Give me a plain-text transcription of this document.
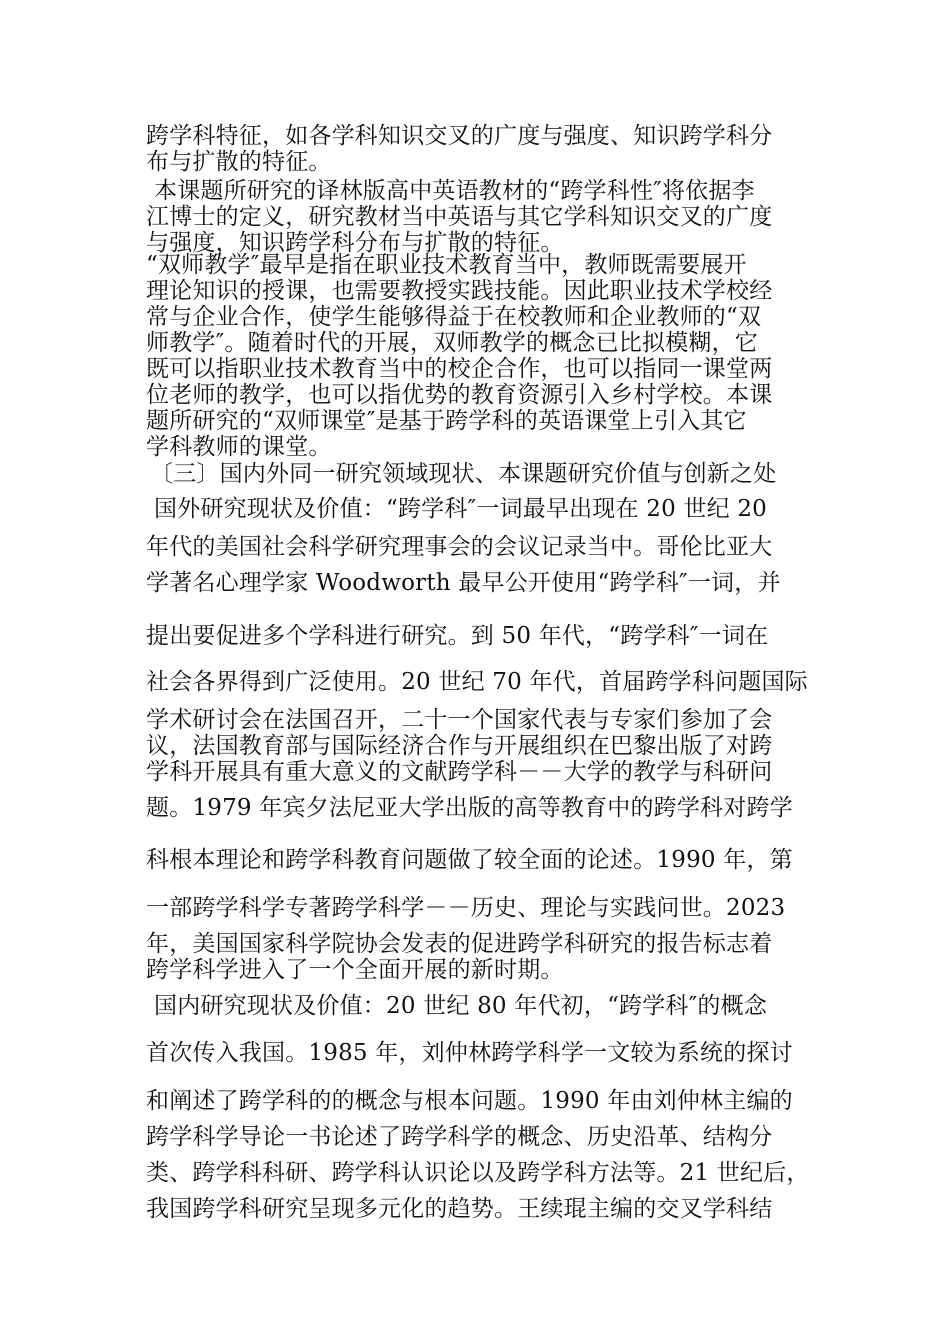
跨学科特征，如各学科知识交叉的广度与强度、知识跨学科分
布与扩散的特征。
本课题所研究的译林版高中英语教材的“跨学科性″将依据李
江博士的定义，研究教材当中英语与其它学科知识交叉的广度
与强度，知识跨学科分布与扩散的特征。
“双师教学″最早是指在职业技术教育当中，教师既需要展开
理论知识的授课，也需要教授实践技能。因此职业技术学校经
常与企业合作，使学生能够得益于在校教师和企业教师的“双
师教学″。随着时代的开展，双师教学的概念已比拟模糊，它
既可以指职业技术教育当中的校企合作，也可以指同一课堂两
位老师的教学，也可以指优势的教育资源引入乡村学校。本课
题所研究的“双师课堂″是基于跨学科的英语课堂上引入其它
学科教师的课堂。
〔三〕国内外同一研究领域现状、本课题研究价值与创新之处
国外研究现状及价值：“跨学科″一词最早出现在 20 世纪 20
年代的美国社会科学研究理事会的会议记录当中。哥伦比亚大
学著名心理学家 Woodworth 最早公开使用“跨学科″一词，并
提出要促进多个学科进行研究。到 50 年代，“跨学科″一词在
社会各界得到广泛使用。20 世纪 70 年代，首届跨学科问题国际
学术研讨会在法国召开，二十一个国家代表与专家们参加了会
议，法国教育部与国际经济合作与开展组织在巴黎出版了对跨
学科开展具有重大意义的文献跨学科－－大学的教学与科研问
题。1979 年宾夕法尼亚大学出版的高等教育中的跨学科对跨学
科根本理论和跨学科教育问题做了较全面的论述。1990 年，第
一部跨学科学专著跨学科学－－历史、理论与实践问世。2023
年，美国国家科学院协会发表的促进跨学科研究的报告标志着
跨学科学进入了一个全面开展的新时期。
国内研究现状及价值：20 世纪 80 年代初，“跨学科″的概念
首次传入我国。1985 年，刘仲林跨学科学一文较为系统的探讨
和阐述了跨学科的的概念与根本问题。1990 年由刘仲林主编的
跨学科学导论一书论述了跨学科学的概念、历史沿革、结构分
类、跨学科科研、跨学科认识论以及跨学科方法等。21 世纪后，
我国跨学科研究呈现多元化的趋势。王续琨主编的交叉学科结
